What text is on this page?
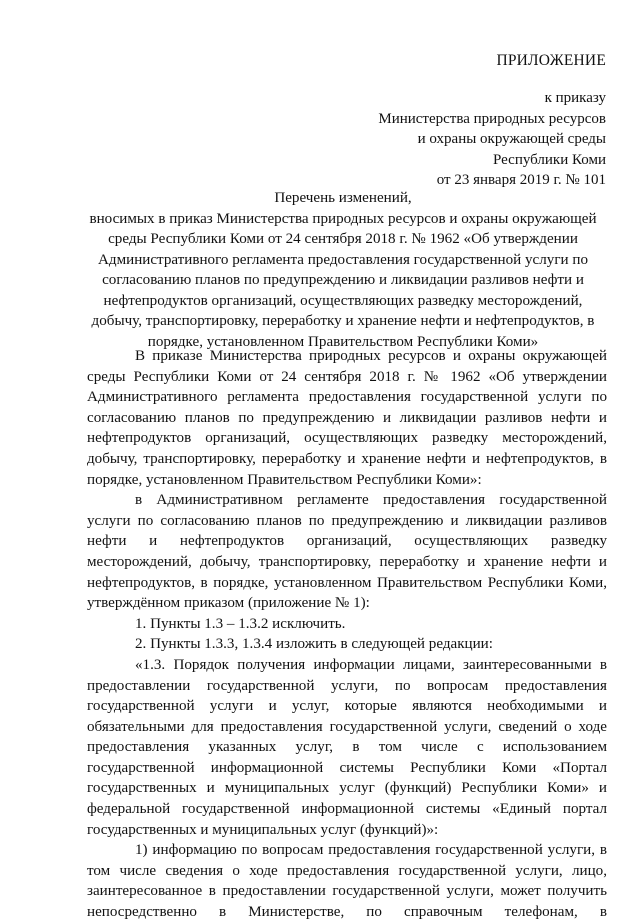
ПРИЛОЖЕНИЕ
к приказу
Министерства природных ресурсов
и охраны окружающей среды
Республики Коми
от 23 января 2019 г. № 101
Перечень изменений,
вносимых в приказ Министерства природных ресурсов и охраны окружающей
среды Республики Коми от 24 сентября 2018 г. № 1962 «Об утверждении
Административного регламента предоставления государственной услуги по
согласованию планов по предупреждению и ликвидации разливов нефти и
нефтепродуктов организаций, осуществляющих разведку месторождений,
добычу, транспортировку, переработку и хранение нефти и нефтепродуктов, в
порядке, установленном Правительством Республики Коми»
В приказе Министерства природных ресурсов и охраны окружающей
среды Республики Коми от 24 сентября 2018 г. № 1962 «Об утверждении
Административного регламента предоставления государственной услуги по
согласованию планов по предупреждению и ликвидации разливов нефти и
нефтепродуктов организаций, осуществляющих разведку месторождений,
добычу, транспортировку, переработку и хранение нефти и нефтепродуктов, в
порядке, установленном Правительством Республики Коми»:
в Административном регламенте предоставления государственной
услуги по согласованию планов по предупреждению и ликвидации разливов
нефти и нефтепродуктов организаций, осуществляющих разведку
месторождений, добычу, транспортировку, переработку и хранение нефти и
нефтепродуктов, в порядке, установленном Правительством Республики Коми,
утверждённом приказом (приложение № 1):
1. Пункты 1.3 – 1.3.2 исключить.
2. Пункты 1.3.3, 1.3.4 изложить в следующей редакции:
«1.3. Порядок получения информации лицами, заинтересованными в
предоставлении государственной услуги, по вопросам предоставления
государственной услуги и услуг, которые являются необходимыми и
обязательными для предоставления государственной услуги, сведений о ходе
предоставления указанных услуг, в том числе с использованием
государственной информационной системы Республики Коми «Портал
государственных и муниципальных услуг (функций) Республики Коми» и
федеральной государственной информационной системы «Единый портал
государственных и муниципальных услуг (функций)»:
1) информацию по вопросам предоставления государственной услуги, в
том числе сведения о ходе предоставления государственной услуги, лицо,
заинтересованное в предоставлении государственной услуги, может получить
непосредственно в Министерстве, по справочным телефонам, в
